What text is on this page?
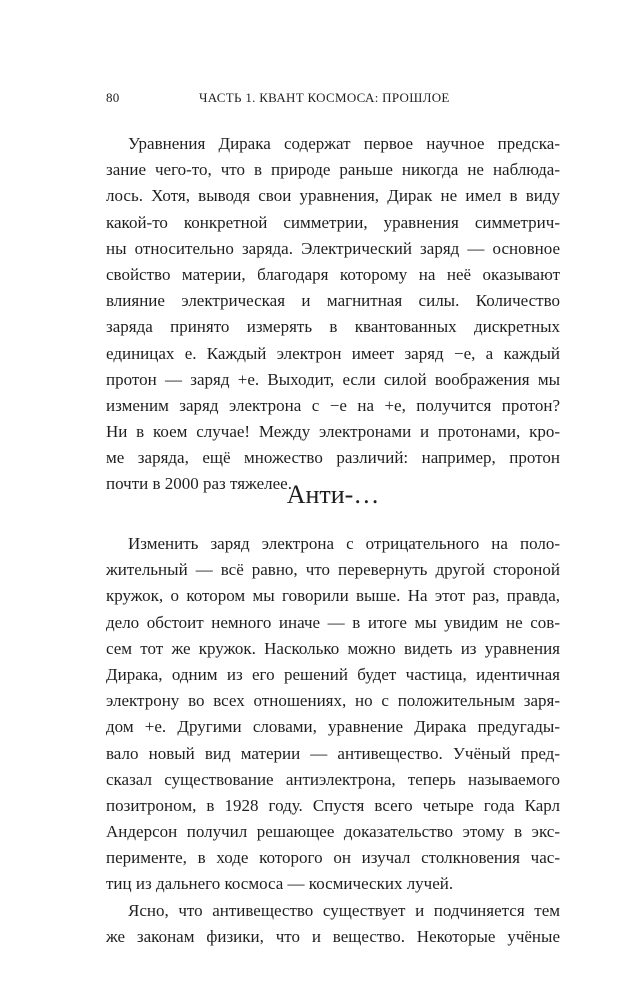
80	ЧАСТЬ 1. КВАНТ КОСМОСА: ПРОШЛОЕ
Уравнения Дирака содержат первое научное предска-
зание чего-то, что в природе раньше никогда не наблюда-
лось. Хотя, выводя свои уравнения, Дирак не имел в виду
какой-то конкретной симметрии, уравнения симметрич-
ны относительно заряда. Электрический заряд — основное
свойство материи, благодаря которому на неё оказывают
влияние электрическая и магнитная силы. Количество
заряда принято измерять в квантованных дискретных
единицах e. Каждый электрон имеет заряд −e, а каждый
протон — заряд +e. Выходит, если силой воображения мы
изменим заряд электрона с −e на +e, получится протон?
Ни в коем случае! Между электронами и протонами, кро-
ме заряда, ещё множество различий: например, протон
почти в 2000 раз тяжелее.
Анти-…
Изменить заряд электрона с отрицательного на поло-
жительный — всё равно, что перевернуть другой стороной
кружок, о котором мы говорили выше. На этот раз, правда,
дело обстоит немного иначе — в итоге мы увидим не сов-
сем тот же кружок. Насколько можно видеть из уравнения
Дирака, одним из его решений будет частица, идентичная
электрону во всех отношениях, но с положительным заря-
дом +e. Другими словами, уравнение Дирака предугады-
вало новый вид материи — антивещество. Учёный пред-
сказал существование антиэлектрона, теперь называемого
позитроном, в 1928 году. Спустя всего четыре года Карл
Андерсон получил решающее доказательство этому в экс-
перименте, в ходе которого он изучал столкновения час-
тиц из дальнего космоса — космических лучей.
Ясно, что антивещество существует и подчиняется тем
же законам физики, что и вещество. Некоторые учёные
